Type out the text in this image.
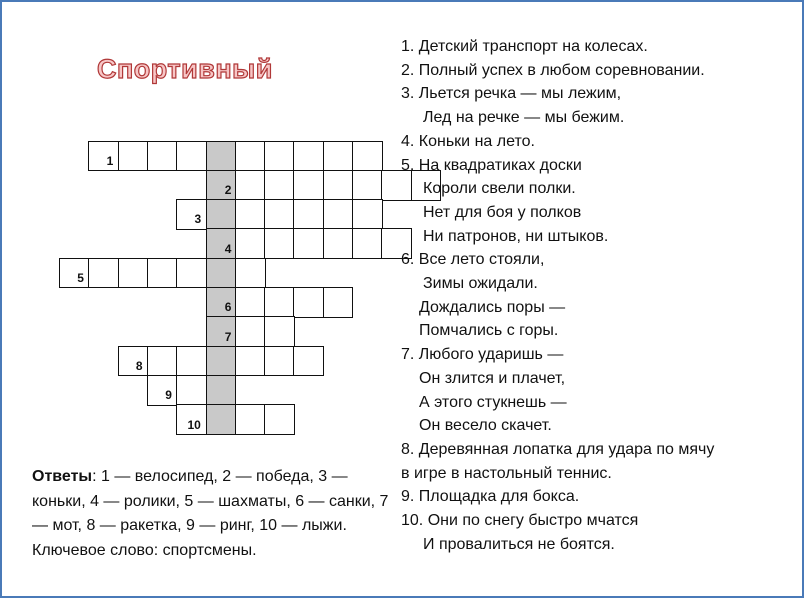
Спортивный
1
2
3
4
5
6
7
8
9
10
1. Детский транспорт на колесах.
2. Полный успех в любом соревновании.
3. Льется речка — мы лежим,
Лед на речке — мы бежим.
4. Коньки на лето.
5. На квадратиках доски
Короли свели полки.
Нет для боя у полков
Ни патронов, ни штыков.
6. Все лето стояли,
Зимы ожидали.
Дождались поры —
Помчались с горы.
7. Любого ударишь —
Он злится и плачет,
А этого стукнешь —
Он весело скачет.
8. Деревянная лопатка для удара по мячу
в игре в настольный теннис.
9. Площадка для бокса.
10. Они по снегу быстро мчатся
И провалиться не боятся.
Ответы: 1 — велосипед, 2 — победа, 3 — коньки, 4 — ролики, 5 — шахматы, 6 — санки, 7 — мот, 8 — ракетка, 9 — ринг, 10 — лыжи. Ключевое слово: спортсмены.
